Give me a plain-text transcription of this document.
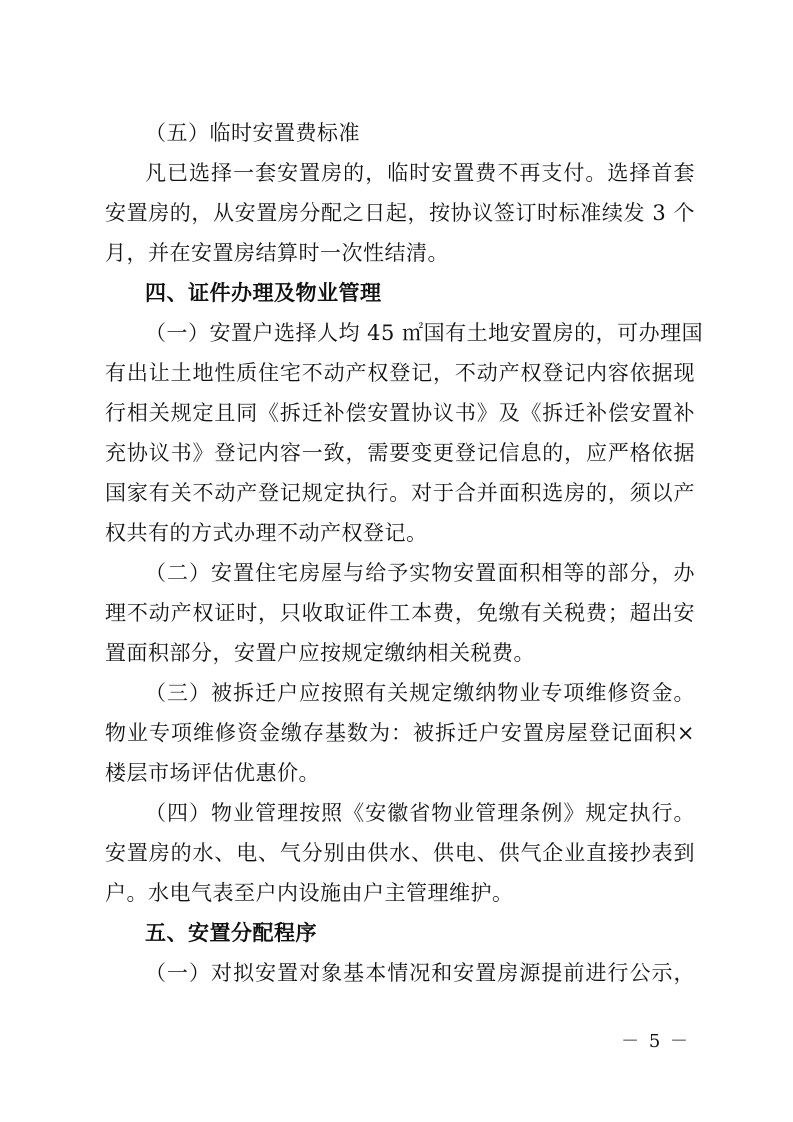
（五）临时安置费标准
凡已选择一套安置房的，临时安置费不再支付。选择首套
安置房的，从安置房分配之日起，按协议签订时标准续发 3 个
月，并在安置房结算时一次性结清。
四、证件办理及物业管理
（一）安置户选择人均 45 ㎡国有土地安置房的，可办理国
有出让土地性质住宅不动产权登记，不动产权登记内容依据现
行相关规定且同《拆迁补偿安置协议书》及《拆迁补偿安置补
充协议书》登记内容一致，需要变更登记信息的，应严格依据
国家有关不动产登记规定执行。对于合并面积选房的，须以产
权共有的方式办理不动产权登记。
（二）安置住宅房屋与给予实物安置面积相等的部分，办
理不动产权证时，只收取证件工本费，免缴有关税费；超出安
置面积部分，安置户应按规定缴纳相关税费。
（三）被拆迁户应按照有关规定缴纳物业专项维修资金。
物业专项维修资金缴存基数为：被拆迁户安置房屋登记面积×
楼层市场评估优惠价。
（四）物业管理按照《安徽省物业管理条例》规定执行。
安置房的水、电、气分别由供水、供电、供气企业直接抄表到
户。水电气表至户内设施由户主管理维护。
五、安置分配程序
（一）对拟安置对象基本情况和安置房源提前进行公示，
－ 5 －
